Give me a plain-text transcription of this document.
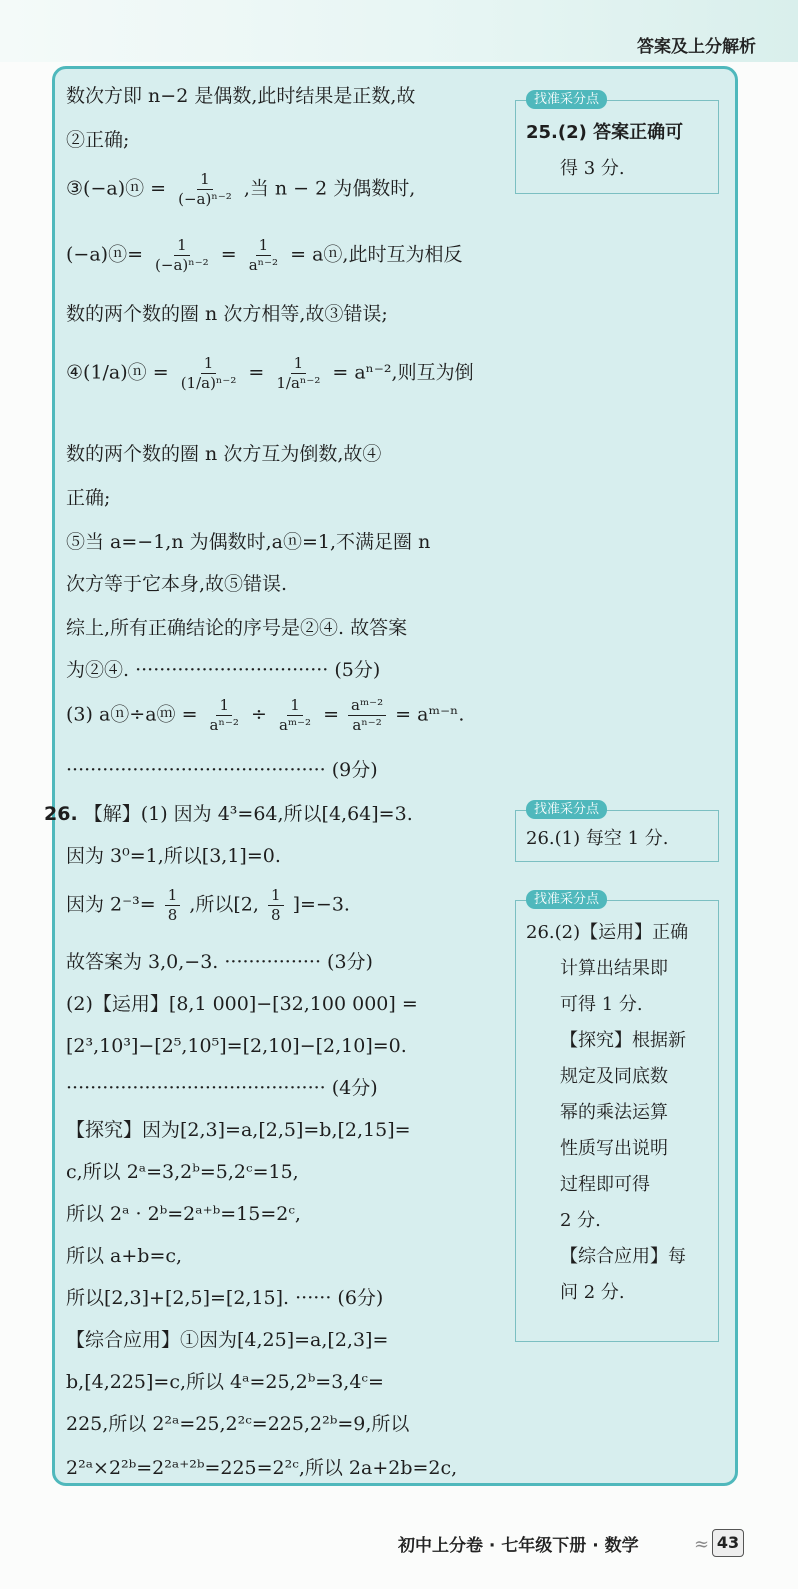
答案及上分解析
数次方即 n−2 是偶数,此时结果是正数,故
②正确;
③(−a)ⓝ = $\frac{1}{\text{(−a)ⁿ⁻²}}$ ,当 n − 2 为偶数时,
(−a)ⓝ= $\frac{1}{\text{(−a)ⁿ⁻²}} = \frac{1}{\text{aⁿ⁻²}}$ = aⓝ,此时互为相反
数的两个数的圈 n 次方相等,故③错误;
④(1/a)ⓝ = $\frac{1}{\text{(1/a)ⁿ⁻²}} = \frac{1}{\text{1/aⁿ⁻²}} = a^{n-2}$,则互为倒
数的两个数的圈 n 次方互为倒数,故④
正确;
⑤当 a=−1,n 为偶数时,aⓝ=1,不满足圈 n
次方等于它本身,故⑤错误.
综上,所有正确结论的序号是②④. 故答案
为②④. ································ (5分)
(3) aⓝ÷aⓜ = $\frac{1}{\text{aⁿ⁻²}} \div \frac{1}{\text{aᵐ⁻²}} = \frac{\text{aᵐ⁻²}}{\text{aⁿ⁻²}}$ = aᵐ⁻ⁿ.
··········································· (9分)
26. 【解】(1) 因为 4³=64,所以[4,64]=3.
因为 3⁰=1,所以[3,1]=0.
因为 $2^{-3}= \frac{1}{8}$ ,所以[2, $\frac{1}{8} ]=-3$.
故答案为 3,0,−3. ················ (3分)
(2)【运用】[8,1 000]−[32,100 000] =
[2³,10³]−[2⁵,10⁵]=[2,10]−[2,10]=0.
··········································· (4分)
【探究】因为[2,3]=a,[2,5]=b,[2,15]=
c,所以 2ᵃ=3,2ᵇ=5,2ᶜ=15,
所以 2ᵃ · 2ᵇ=2ᵃ⁺ᵇ=15=2ᶜ,
所以 a+b=c,
所以[2,3]+[2,5]=[2,15]. ······ (6分)
【综合应用】①因为[4,25]=a,[2,3]=
b,[4,225]=c,所以 4ᵃ=25,2ᵇ=3,4ᶜ=
225,所以 2²ᵃ=25,2²ᶜ=225,2²ᵇ=9,所以
2²ᵃ×2²ᵇ=2²ᵃ⁺²ᵇ=225=2²ᶜ,所以 2a+2b=2c,
找准采分点
25.(2) 答案正确可
得 3 分.
找准采分点
26.(1) 每空 1 分.
找准采分点
26.(2)【运用】正确
计算出结果即
可得 1 分.
【探究】根据新
规定及同底数
幂的乘法运算
性质写出说明
过程即可得
2 分.
【综合应用】每
问 2 分.
初中上分卷 · 七年级下册 · 数学	≈ 43
